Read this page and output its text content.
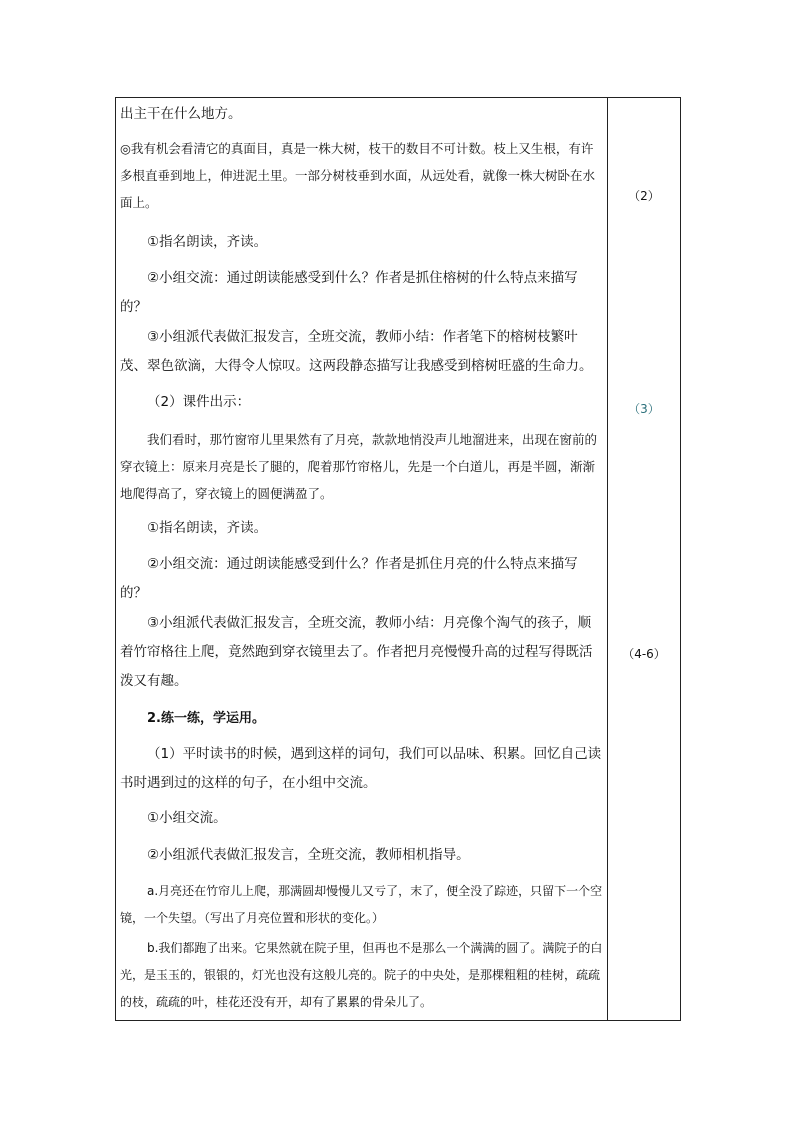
出主干在什么地方。

◎我有机会看清它的真面目，真是一株大树，枝干的数目不可计数。枝上又生根，有许多根直垂到地上，伸进泥土里。一部分树枝垂到水面，从远处看，就像一株大树卧在水面上。

①指名朗读，齐读。

②小组交流：通过朗读能感受到什么？作者是抓住榕树的什么特点来描写的？

③小组派代表做汇报发言，全班交流，教师小结：作者笔下的榕树枝繁叶茂、翠色欲滴，大得令人惊叹。这两段静态描写让我感受到榕树旺盛的生命力。

（2）课件出示：

我们看时，那竹窗帘儿里果然有了月亮，款款地悄没声儿地溜进来，出现在窗前的穿衣镜上：原来月亮是长了腿的，爬着那竹帘格儿，先是一个白道儿，再是半圆，渐渐地爬得高了，穿衣镜上的圆便满盈了。

①指名朗读，齐读。

②小组交流：通过朗读能感受到什么？作者是抓住月亮的什么特点来描写的？

③小组派代表做汇报发言，全班交流，教师小结：月亮像个淘气的孩子，顺着竹帘格往上爬，竟然跑到穿衣镜里去了。作者把月亮慢慢升高的过程写得既活泼又有趣。

2.练一练，学运用。

（1）平时读书的时候，遇到这样的词句，我们可以品味、积累。回忆自己读书时遇到过的这样的句子，在小组中交流。

①小组交流。

②小组派代表做汇报发言，全班交流，教师相机指导。

a.月亮还在竹帘儿上爬，那满圆却慢慢儿又亏了，末了，便全没了踪迹，只留下一个空镜，一个失望。（写出了月亮位置和形状的变化。）

b.我们都跑了出来。它果然就在院子里，但再也不是那么一个满满的圆了。满院子的白光，是玉玉的，银银的，灯光也没有这般儿亮的。院子的中央处，是那棵粗粗的桂树，疏疏的枝，疏疏的叶，桂花还没有开，却有了累累的骨朵儿了。

（2）
（3）
（4-6）
